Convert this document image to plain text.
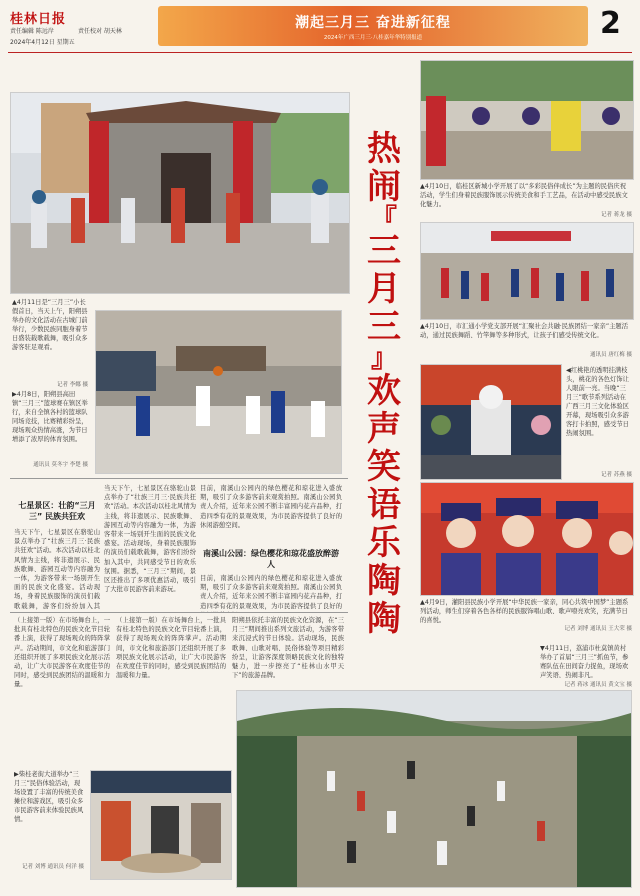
桂林日报
责任编辑 陈远岸	责任校对 胡天林
2024年4月12日 星期五
潮起三月三 奋进新征程
2024年广西三月三·八桂嘉年华特别报道	2
热
闹
『
三
月
三
』
欢
声
笑
语
乐
陶
陶
▲4月11日是“三月三”小长假首日，当天上午，阳朔县举办的文化活动在古城门前举行，少数民族同胞身着节日盛装载歌载舞，吸引众多游客驻足观看。
记者 李娜 摄
▶4月8日，阳朔县高田镇“三月三”篮球赛在镇区举行，来自全镇各村的篮球队同场竞技，比赛精彩纷呈，现场观众热情高涨，为节日增添了浓厚的体育氛围。
通讯员 莫冬宇 李楚 摄
七星景区：壮韵“三月三” 民族共狂欢
当天下午，七星景区在骆驼山景点举办了“壮族三月三·民族共狂欢”活动。本次活动以桂北风情为主线，将非遗展示、民族歌舞、游园互动等内容融为一体，为游客带来一场别开生面的民族文化盛宴。活动现场，身着民族服饰的演员们载歌载舞，游客们纷纷加入其
当天下午，七星景区在骆驼山景点举办了“壮族三月三·民族共狂欢”活动。本次活动以桂北风情为主线，将非遗展示、民族歌舞、游园互动等内容融为一体，为游客带来一场别开生面的民族文化盛宴。活动现场，身着民族服饰的演员们载歌载舞，游客们纷纷加入其中，共同感受节日的欢乐氛围。据悉，“三月三”期间，景区还推出了多项优惠活动，吸引了大批市民游客前来游玩。
南溪山公园：绿色樱花和琼花盛放醉游人
目前，南溪山公园内的绿色樱花和琼花进入盛放期，吸引了众多游客前来观赏拍照。南溪山公园负责人介绍，近年来公园不断丰富园内花卉品种，打造四季有花的景观效果，为市民游客提供了良好的休闲游憩空间。
目前，南溪山公园内的绿色樱花和琼花进入盛放期，吸引了众多游客前来观赏拍照。南溪山公园负责人介绍，近年来公园不断丰富园内花卉品种，打造四季有花的景观效果，为市民游客提供了良好的
（上接第一版）在市场舞台上，一批具有桂北特色的民族文化节目轮番上演，获得了现场观众的阵阵掌声。活动期间，市文化和旅游部门还组织开展了多项民族文化展示活动，让广大市民游客在欢度佳节的同时，感受到民族团结的温暖和力量。
（上接第一版）在市场舞台上，一批具有桂北特色的民族文化节目轮番上演，获得了现场观众的阵阵掌声。活动期间，市文化和旅游部门还组织开展了多项民族文化展示活动，让广大市民游客在欢度佳节的同时，感受到民族团结的温暖和力量。
阳朔县依托丰富的民族文化资源，在“三月三”期间推出系列文旅活动，为游客带来沉浸式的节日体验。活动现场，民族歌舞、山歌对唱、民俗体验等项目精彩纷呈，让游客深度领略民族文化的独特魅力，进一步擦亮了“桂林山水甲天下”的旅游品牌。
▶柴桂老街大道举办“三月三”民俗体验活动，现场设置了丰富的传统美食摊位和游戏区，吸引众多市民游客前来体验民族风情。
记者 刘博 通讯员 何洋 摄
▲4月10日，临桂区新城小学开展了以“多彩民俗伴成长”为主题的民俗庆祝活动，学生们身着民族服饰展示传统美食和手工艺品，在活动中感受民族文化魅力。
记者 蒋龙 摄
▲4月10日，市汇通小学党支部开展“汇聚社会共融·民族团结一家亲”主题活动，通过民族舞蹈、竹竿舞等多种形式，让孩子们感受传统文化。
通讯员 唐红梅 摄
◀红桃艳的透明挂满枝头，桃花的各色灯饰让人眼前一亮。当晚“三月三”歌节系列活动在广西三月三文化体验区开幕，现场吸引众多游客打卡拍照，感受节日热闹氛围。
记者 苏燕 摄
▲4月9日，灌阳县民族小学开展“中华民族一家亲，同心共筑中国梦”主题系列活动，师生们穿着各色各样的民族服饰唱山歌、歌声嘹亮欢笑，充满节日的喜悦。
记者 刘博 通讯员 王大荣 摄
▼4月11日，荔浦市杜莫镇黄村举办了首届“三月三”抓鱼节，参赛队伍在田间奋力捉鱼，现场欢声笑语，热闹非凡。
记者 蒋冰 通讯员 黄文宝 摄
